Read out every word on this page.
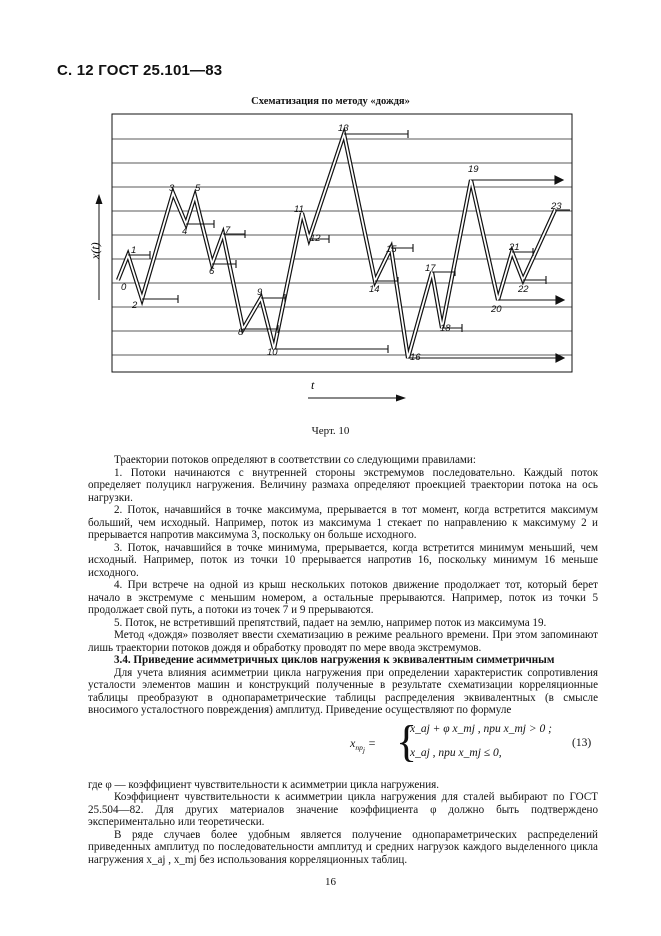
С. 12 ГОСТ 25.101—83
Схематизация по методу «дождя»
x(t)
t
0
1
2
3
4
5
6
7
8
9
10
11
12
13
14
15
16
17
18
19
20
21
22
23
Черт. 10

Траектории потоков определяют в соответствии со следующими правилами:

1. Потоки начинаются с внутренней стороны экстремумов последовательно. Каждый поток определяет полуцикл нагружения. Величину размаха определяют проекцией траектории потока на ось нагрузки.

2. Поток, начавшийся в точке максимума, прерывается в тот момент, когда встретится максимум больший, чем исходный. Например, поток из максимума 1 стекает по направлению к максимуму 2 и прерывается напротив максимума 3, поскольку он больше исходного.

3. Поток, начавшийся в точке минимума, прерывается, когда встретится минимум меньший, чем исходный. Например, поток из точки 10 прерывается напротив 16, поскольку минимум 16 меньше исходного.

4. При встрече на одной из крыш нескольких потоков движение продолжает тот, который берет начало в экстремуме с меньшим номером, а остальные прерываются. Например, поток из точки 5 продолжает свой путь, а потоки из точек 7 и 9 прерываются.

5. Поток, не встретивший препятствий, падает на землю, например поток из максимума 19.

Метод «дождя» позволяет ввести схематизацию в режиме реального времени. При этом запоминают лишь траектории потоков дождя и обработку проводят по мере ввода экстремумов.

3.4. Приведение асимметричных циклов нагружения к эквивалентным симметричным

Для учета влияния асимметрии цикла нагружения при определении характеристик сопротивления усталости элементов машин и конструкций полученные в результате схематизации корреляционные таблицы преобразуют в однопараметрические таблицы распределения эквивалентных (в смысле вносимого усталостного повреждения) амплитуд. Приведение осуществляют по формуле

$x_{пр_j}$ = {
x_aj + φ x_mj , при x_mj > 0 ;
x_aj , при x_mj ≤ 0,
(13)

где φ — коэффициент чувствительности к асимметрии цикла нагружения.

Коэффициент чувствительности к асимметрии цикла нагружения для сталей выбирают по ГОСТ 25.504—82. Для других материалов значение коэффициента φ должно быть подтверждено экспериментально или теоретически.

В ряде случаев более удобным является получение однопараметрических распределений приведенных амплитуд по последовательности амплитуд и средних нагрузок каждого выделенного цикла нагружения x_aj , x_mj без использования корреляционных таблиц.

16
